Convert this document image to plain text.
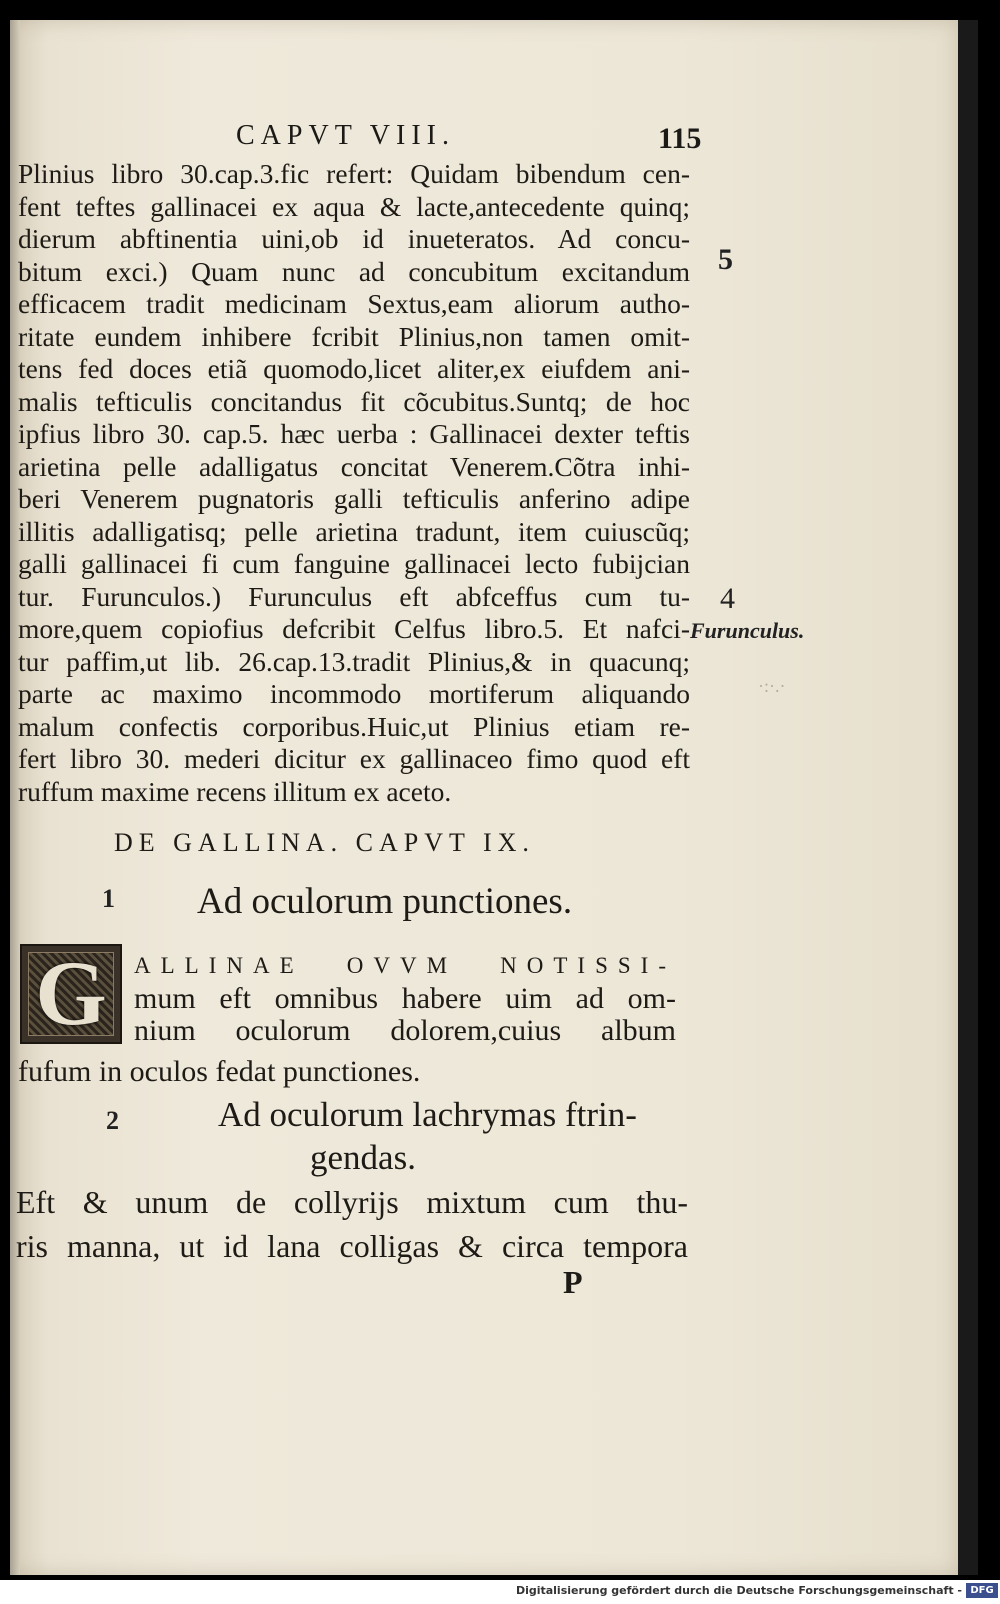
CAPVT VIII.	115
Plinius libro 30.cap.3.fic refert: Quidam bibendum cen-
fent teftes gallinacei ex aqua & lacte,antecedente quinq;
dierum abftinentia uini,ob id inueteratos. Ad concu-
bitum exci.) Quam nunc ad concubitum excitandum
efficacem tradit medicinam Sextus,eam aliorum autho-
ritate eundem inhibere fcribit Plinius,non tamen omit-
tens fed doces etiã quomodo,licet aliter,ex eiufdem ani-
malis tefticulis concitandus fit cõcubitus.Suntq; de hoc
ipfius libro 30. cap.5. hæc uerba : Gallinacei dexter teftis
arietina pelle adalligatus concitat Venerem.Cõtra inhi-
beri Venerem pugnatoris galli tefticulis anferino adipe
illitis adalligatisq; pelle arietina tradunt, item cuiuscũq;
galli gallinacei fi cum fanguine gallinacei lecto fubijcian
tur. Furunculos.) Furunculus eft abfceffus cum tu-
more,quem copiofius defcribit Celfus libro.5. Et nafci-
tur paffim,ut lib. 26.cap.13.tradit Plinius,& in quacunq;
parte ac maximo incommodo mortiferum aliquando
malum confectis corporibus.Huic,ut Plinius etiam re-
fert libro 30. mederi dicitur ex gallinaceo fimo quod eft
ruffum maxime recens illitum ex aceto.
5
4
Furunculus.
·:·.·
DE GALLINA. CAPVT IX.
1 Ad oculorum punctiones.
G	ALLINAE OVVM NOTISSI-
mum eft omnibus habere uim ad om-
nium oculorum dolorem,cuius album
fufum in oculos fedat punctiones.
2	Ad oculorum lachrymas ftrin-
gendas.
Eft & unum de collyrijs mixtum cum thu-
ris manna, ut id lana colligas & circa tempora
P
Digitalisierung gefördert durch die Deutsche Forschungsgemeinschaft - DFG
